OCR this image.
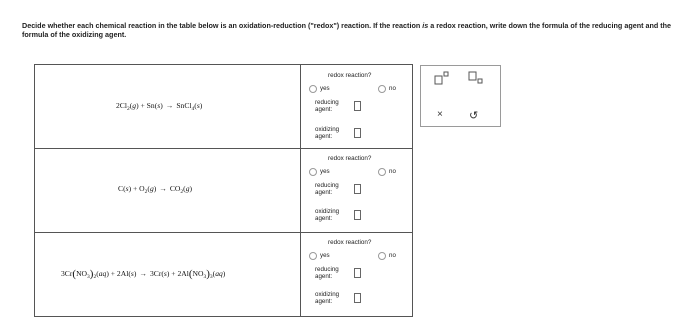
Decide whether each chemical reaction in the table below is an oxidation-reduction ("redox") reaction. If the reaction is a redox reaction, write down the formula of the reducing agent and the formula of the oxidizing agent.
$2Cl_2(g) + Sn(s)$ → SnCl$_4$(s)
redox reaction?
yes	no
reducing
agent:
oxidizing
agent:
$C(s) + O_2(g) \to CO_2(g)$
redox reaction?
yes	no
reducing
agent:
oxidizing
agent:
$3Cr(NO_3)_2(aq) + 2Al(s) \to 3Cr(s) + 2Al(NO_3)_3(aq)$
redox reaction?
yes	no
reducing
agent:
oxidizing
agent:
× ↺
